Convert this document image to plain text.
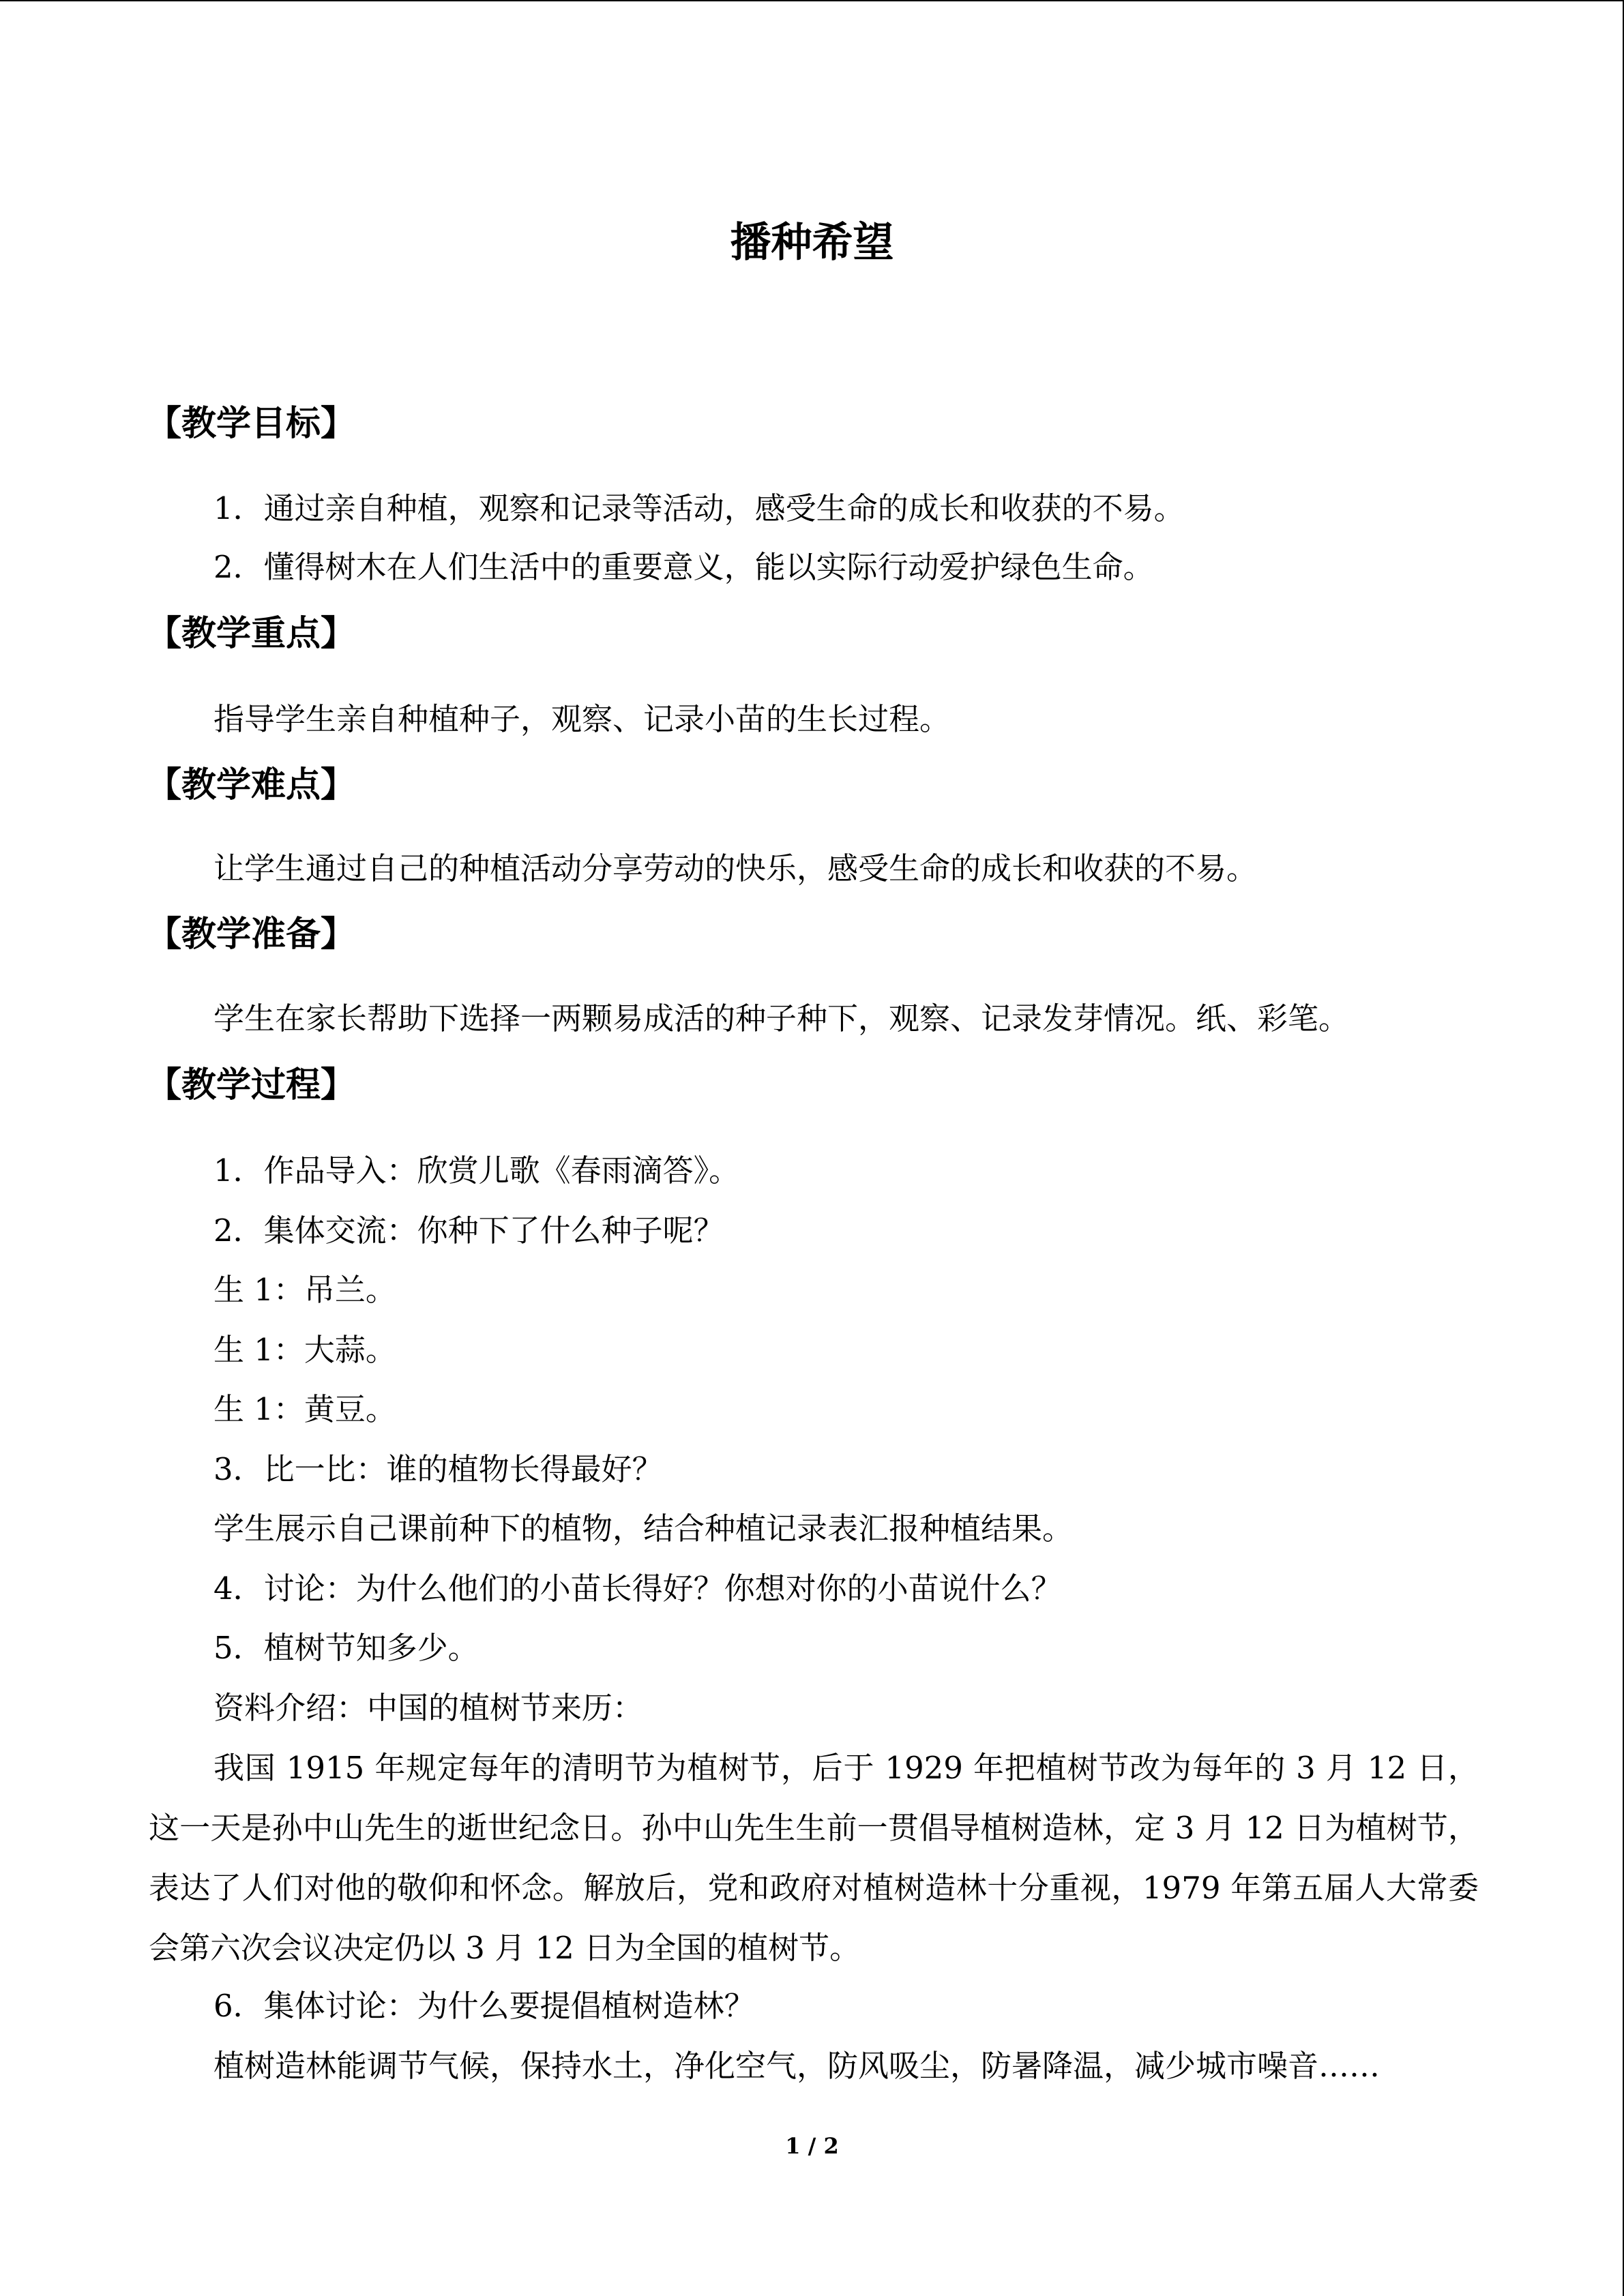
播种希望
【教学目标】
1．通过亲自种植，观察和记录等活动，感受生命的成长和收获的不易。
2．懂得树木在人们生活中的重要意义，能以实际行动爱护绿色生命。
【教学重点】
指导学生亲自种植种子，观察、记录小苗的生长过程。
【教学难点】
让学生通过自己的种植活动分享劳动的快乐，感受生命的成长和收获的不易。
【教学准备】
学生在家长帮助下选择一两颗易成活的种子种下，观察、记录发芽情况。纸、彩笔。
【教学过程】
1．作品导入：欣赏儿歌《春雨滴答》。
2．集体交流：你种下了什么种子呢？
生 1：吊兰。
生 1：大蒜。
生 1：黄豆。
3．比一比：谁的植物长得最好？
学生展示自己课前种下的植物，结合种植记录表汇报种植结果。
4．讨论：为什么他们的小苗长得好？你想对你的小苗说什么？
5．植树节知多少。
资料介绍：中国的植树节来历：
我国 1915 年规定每年的清明节为植树节，后于 1929 年把植树节改为每年的 3 月 12 日，这一天是孙中山先生的逝世纪念日。孙中山先生生前一贯倡导植树造林，定 3 月 12 日为植树节，表达了人们对他的敬仰和怀念。解放后，党和政府对植树造林十分重视，1979 年第五届人大常委会第六次会议决定仍以 3 月 12 日为全国的植树节。
6．集体讨论：为什么要提倡植树造林？
植树造林能调节气候，保持水土，净化空气，防风吸尘，防暑降温，减少城市噪音……
1 / 2
